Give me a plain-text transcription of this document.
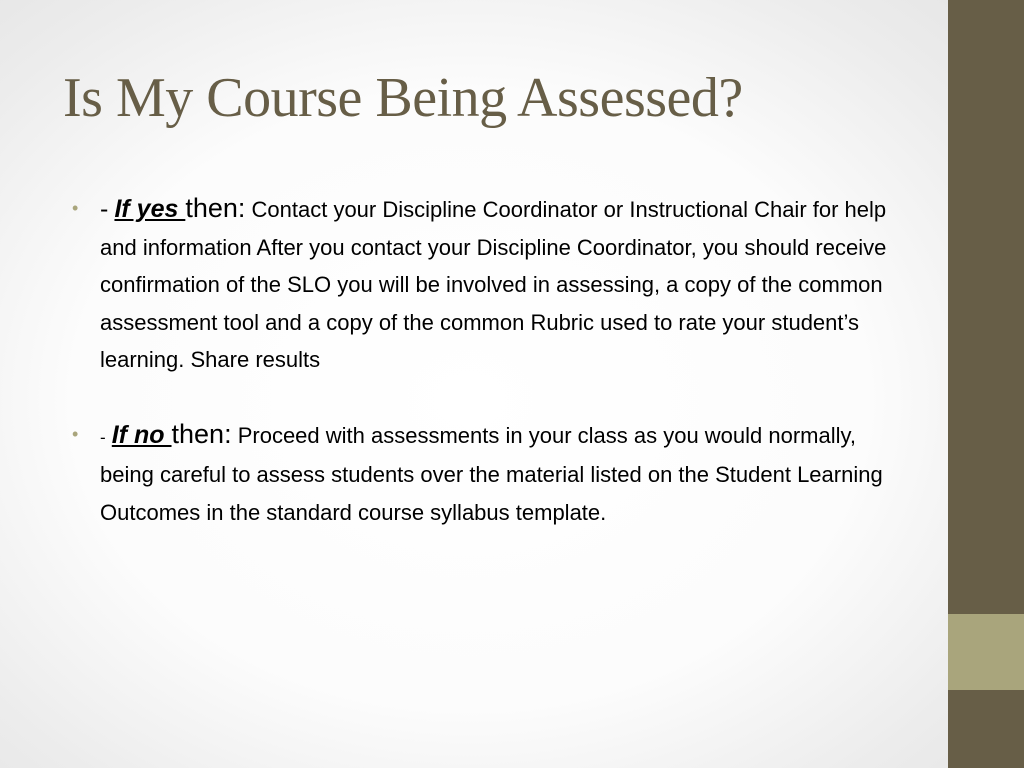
Is My Course Being Assessed?
• - If yes then: Contact your Discipline Coordinator or Instructional Chair for help and information After you contact your Discipline Coordinator, you should receive confirmation of the SLO you will be involved in assessing, a copy of the common assessment tool and a copy of the common Rubric used to rate your student’s learning. Share results
• - If no then: Proceed with assessments in your class as you would normally, being careful to assess students over the material listed on the Student Learning Outcomes in the standard course syllabus template.
